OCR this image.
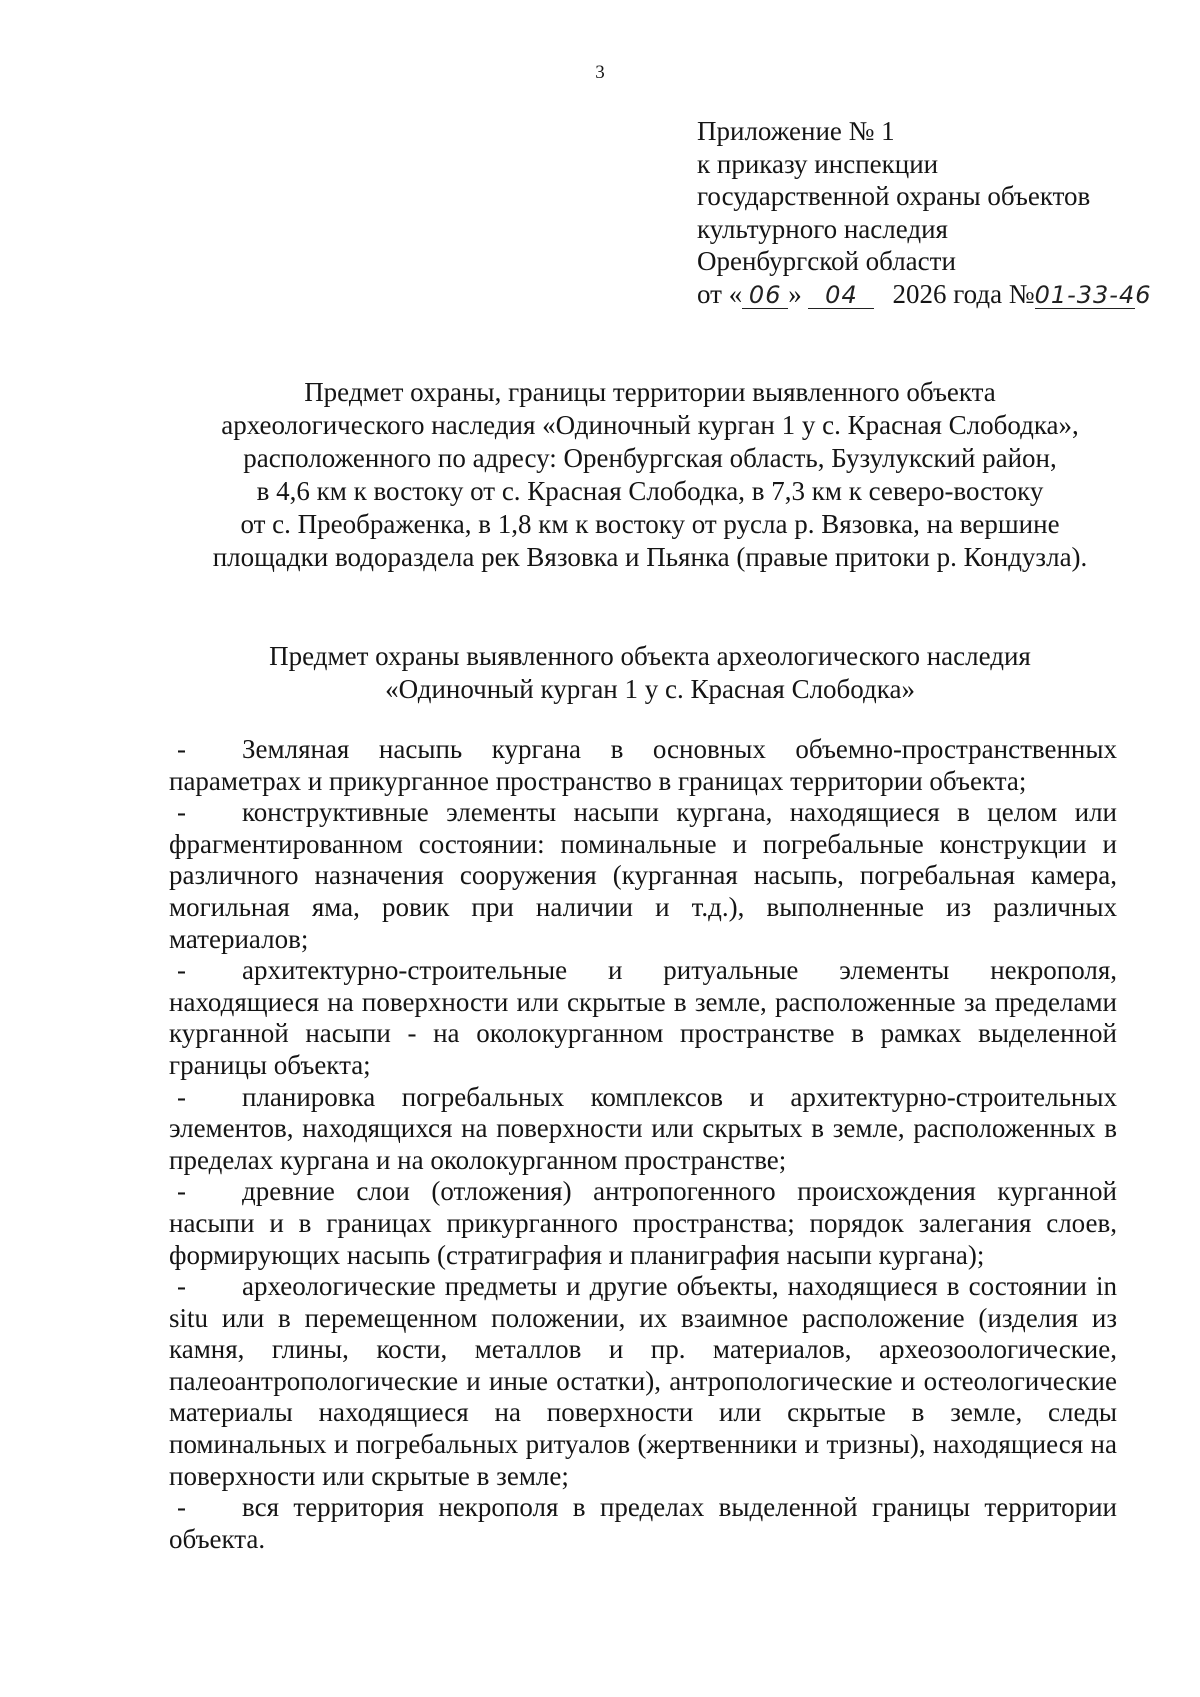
3
Приложение № 1
к приказу инспекции
государственной охраны объектов
культурного наследия
Оренбургской области
от « 06 » 04 2026 года №01-33-46
Предмет охраны, границы территории выявленного объекта
археологического наследия «Одиночный курган 1 у с. Красная Слободка»,
расположенного по адресу: Оренбургская область, Бузулукский район,
в 4,6 км к востоку от с. Красная Слободка, в 7,3 км к северо-востоку
от с. Преображенка, в 1,8 км к востоку от русла р. Вязовка, на вершине
площадки водораздела рек Вязовка и Пьянка (правые притоки р. Кондузла).
Предмет охраны выявленного объекта археологического наследия
«Одиночный курган 1 у с. Красная Слободка»
- Земляная насыпь кургана в основных объемно-пространственных параметрах и прикурганное пространство в границах территории объекта;
- конструктивные элементы насыпи кургана, находящиеся в целом или фрагментированном состоянии: поминальные и погребальные конструкции и различного назначения сооружения (курганная насыпь, погребальная камера, могильная яма, ровик при наличии и т.д.), выполненные из различных материалов;
- архитектурно-строительные и ритуальные элементы некрополя, находящиеся на поверхности или скрытые в земле, расположенные за пределами курганной насыпи - на околокурганном пространстве в рамках выделенной границы объекта;
- планировка погребальных комплексов и архитектурно-строительных элементов, находящихся на поверхности или скрытых в земле, расположенных в пределах кургана и на околокурганном пространстве;
- древние слои (отложения) антропогенного происхождения курганной насыпи и в границах прикурганного пространства; порядок залегания слоев, формирующих насыпь (стратиграфия и планиграфия насыпи кургана);
- археологические предметы и другие объекты, находящиеся в состоянии in situ или в перемещенном положении, их взаимное расположение (изделия из камня, глины, кости, металлов и пр. материалов, археозоологические, палеоантропологические и иные остатки), антропологические и остеологические материалы находящиеся на поверхности или скрытые в земле, следы поминальных и погребальных ритуалов (жертвенники и тризны), находящиеся на поверхности или скрытые в земле;
- вся территория некрополя в пределах выделенной границы территории объекта.
